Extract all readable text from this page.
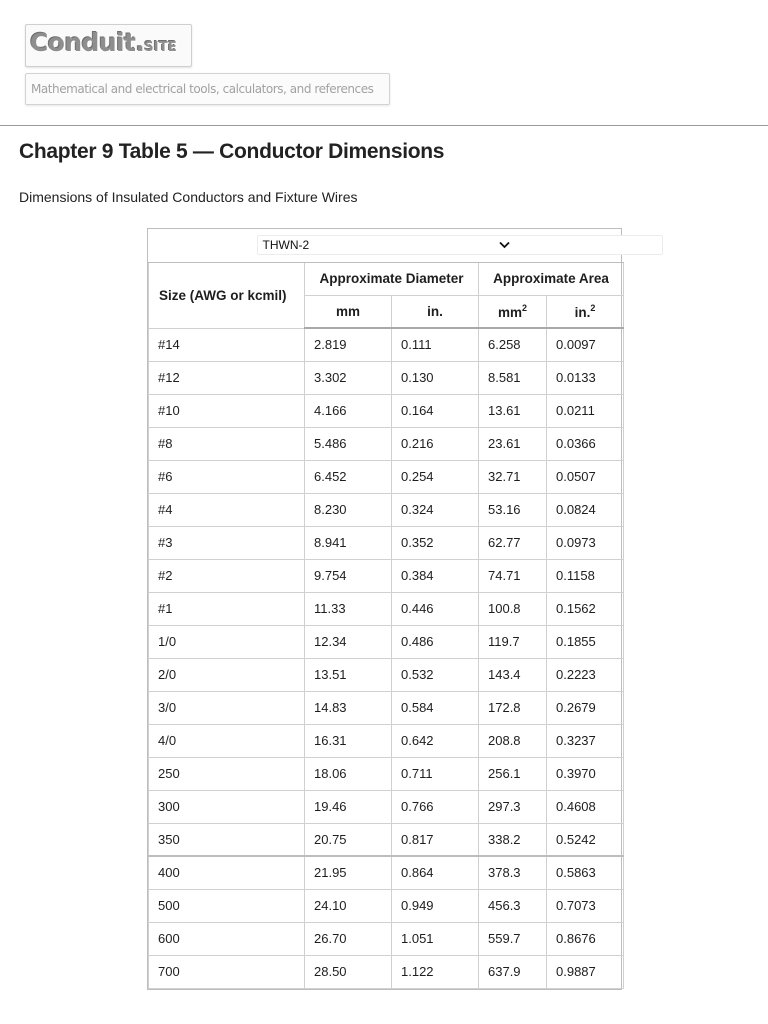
Conduit.SITE
Mathematical and electrical tools, calculators, and references
Chapter 9 Table 5 — Conductor Dimensions
Dimensions of Insulated Conductors and Fixture Wires
THWN-2				

Size (AWG or kcmil)	Approximate Diameter		Approximate Area	
	mm	in.	$mm^2$	in.$^2$
#14	2.819	0.111	6.258	0.0097
#12	3.302	0.130	8.581	0.0133
#10	4.166	0.164	13.61	0.0211
#8	5.486	0.216	23.61	0.0366
#6	6.452	0.254	32.71	0.0507
#4	8.230	0.324	53.16	0.0824
#3	8.941	0.352	62.77	0.0973
#2	9.754	0.384	74.71	0.1158
#1	11.33	0.446	100.8	0.1562
1/0	12.34	0.486	119.7	0.1855
2/0	13.51	0.532	143.4	0.2223
3/0	14.83	0.584	172.8	0.2679
4/0	16.31	0.642	208.8	0.3237
250	18.06	0.711	256.1	0.3970
300	19.46	0.766	297.3	0.4608
350	20.75	0.817	338.2	0.5242
400	21.95	0.864	378.3	0.5863
500	24.10	0.949	456.3	0.7073
600	26.70	1.051	559.7	0.8676
700	28.50	1.122	637.9	0.9887
